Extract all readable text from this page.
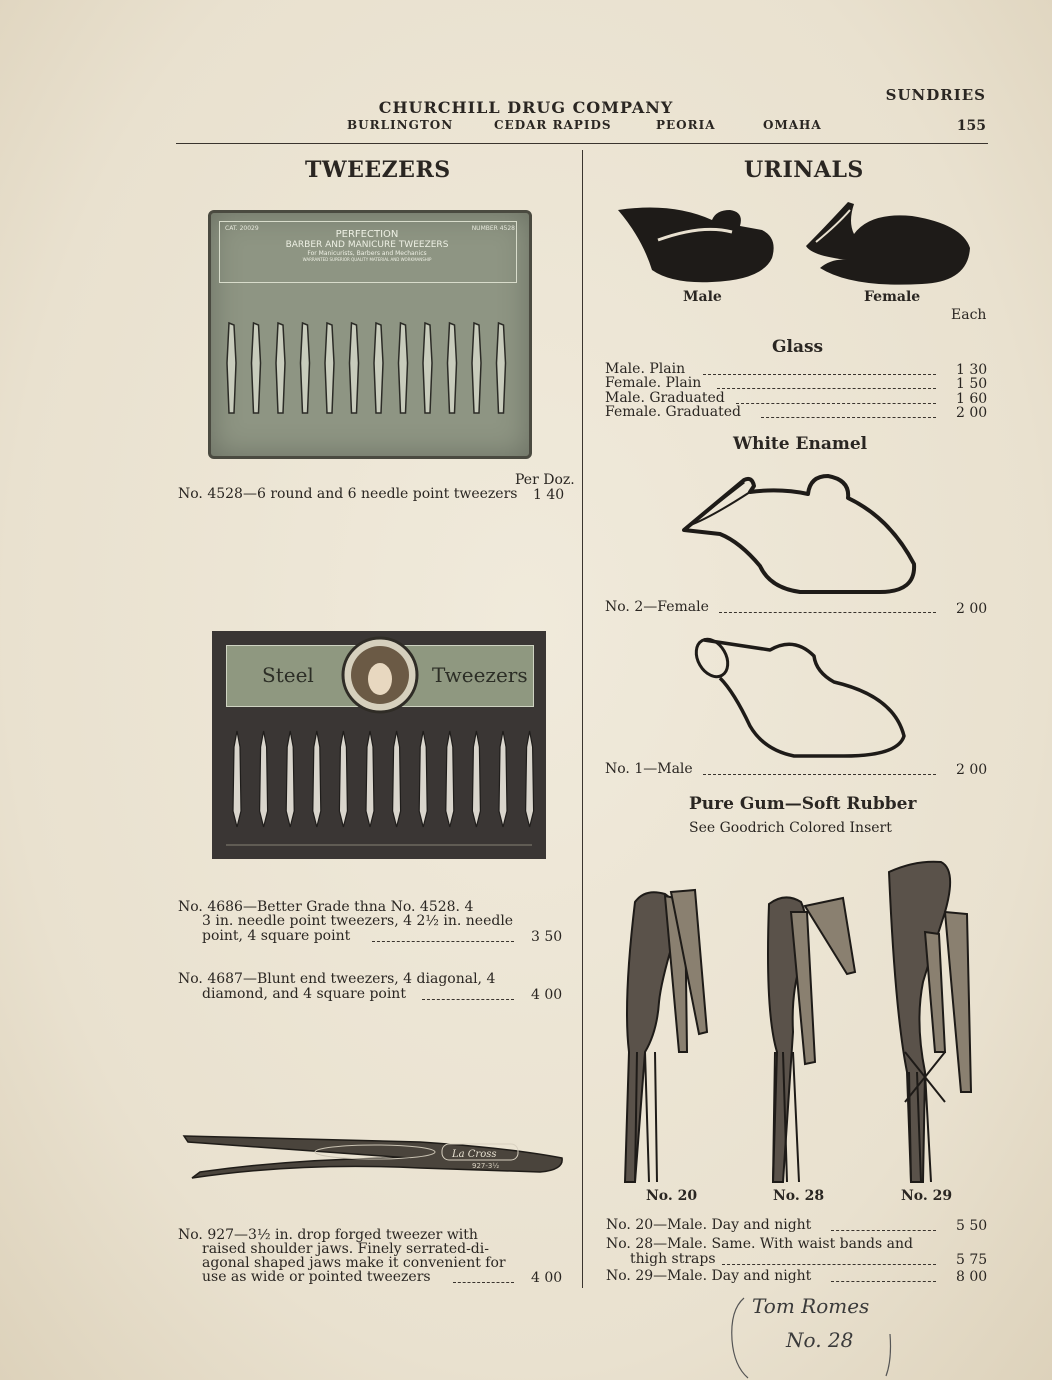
CHURCHILL DRUG COMPANY
BURLINGTON	CEDAR RAPIDS	PEORIA	OMAHA
SUNDRIES
155
TWEEZERS
CAT. 20029	NUMBER 4528
PERFECTION
BARBER AND MANICURE TWEEZERS
For Manicurists, Barbers and Mechanics
WARRANTED SUPERIOR QUALITY MATERIAL AND WORKMANSHIP
Per Doz.
No. 4528—6 round and 6 needle point tweezers 1 40
Steel	Tweezers
No. 4686—Better Grade thna No. 4528. 4
3 in. needle point tweezers, 4 2½ in. needle
point, 4 square point	3 50
No. 4687—Blunt end tweezers, 4 diagonal, 4
diamond, and 4 square point	4 00
La Cross
927-3½
No. 927—3½ in. drop forged tweezer with
raised shoulder jaws. Finely serrated-di-
agonal shaped jaws make it convenient for
use as wide or pointed tweezers	4 00
URINALS
Male	Female
Each
Glass
Male. Plain	1 30
Female. Plain	1 50
Male. Graduated	1 60
Female. Graduated	2 00
White Enamel
No. 2—Female	2 00
No. 1—Male	2 00
Pure Gum—Soft Rubber
See Goodrich Colored Insert
No. 20	No. 28	No. 29
No. 20—Male. Day and night	5 50
No. 28—Male. Same. With waist bands and
thigh straps	5 75
No. 29—Male. Day and night	8 00
Tom Romes
No. 28
